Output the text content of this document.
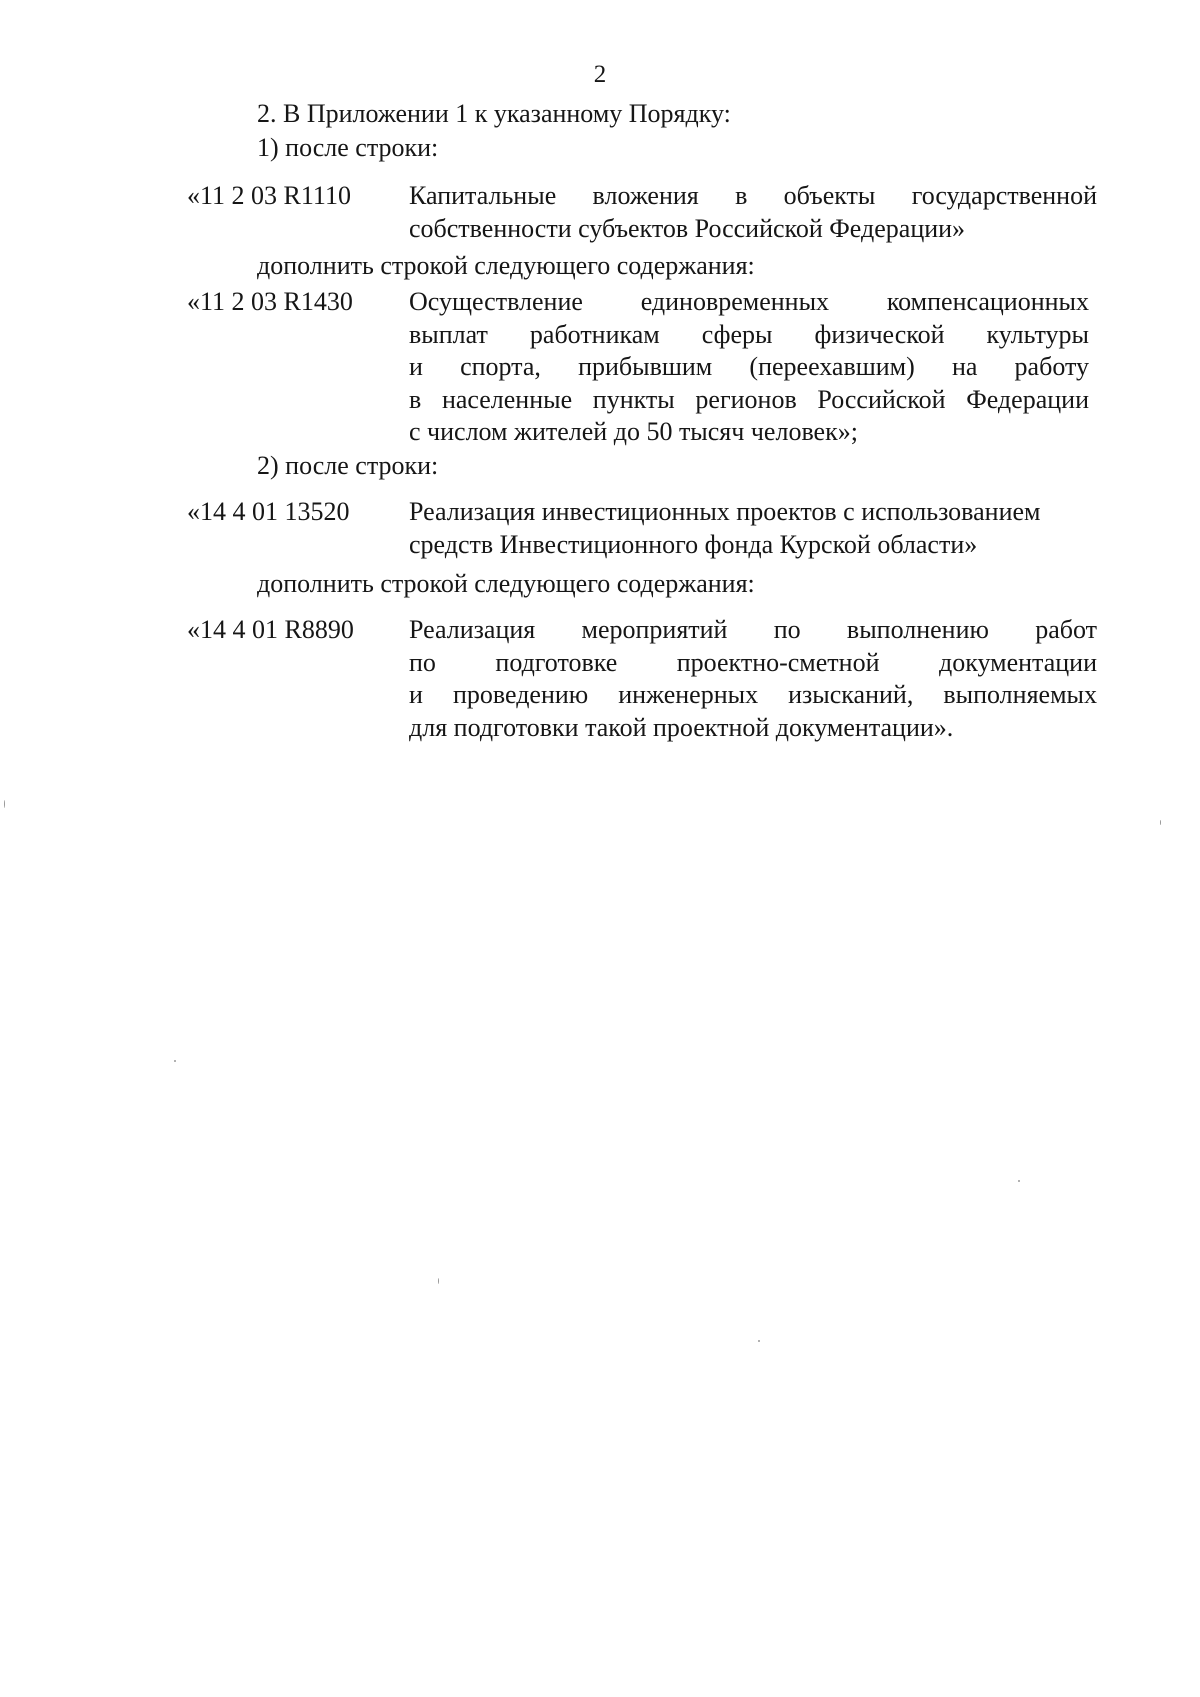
2
2. В Приложении 1 к указанному Порядку:
1) после строки:
«11 2 03 R1110 Капитальные вложения в объекты государственной
собственности субъектов Российской Федерации»
дополнить строкой следующего содержания:
«11 2 03 R1430 Осуществление единовременных компенсационных
выплат работникам сферы физической культуры
и спорта, прибывшим (переехавшим) на работу
в населенные пункты регионов Российской Федерации
с числом жителей до 50 тысяч человек»;
2) после строки:
«14 4 01 13520 Реализация инвестиционных проектов с использованием
средств Инвестиционного фонда Курской области»
дополнить строкой следующего содержания:
«14 4 01 R8890 Реализация мероприятий по выполнению работ
по подготовке проектно-сметной документации
и проведению инженерных изысканий, выполняемых
для подготовки такой проектной документации».
